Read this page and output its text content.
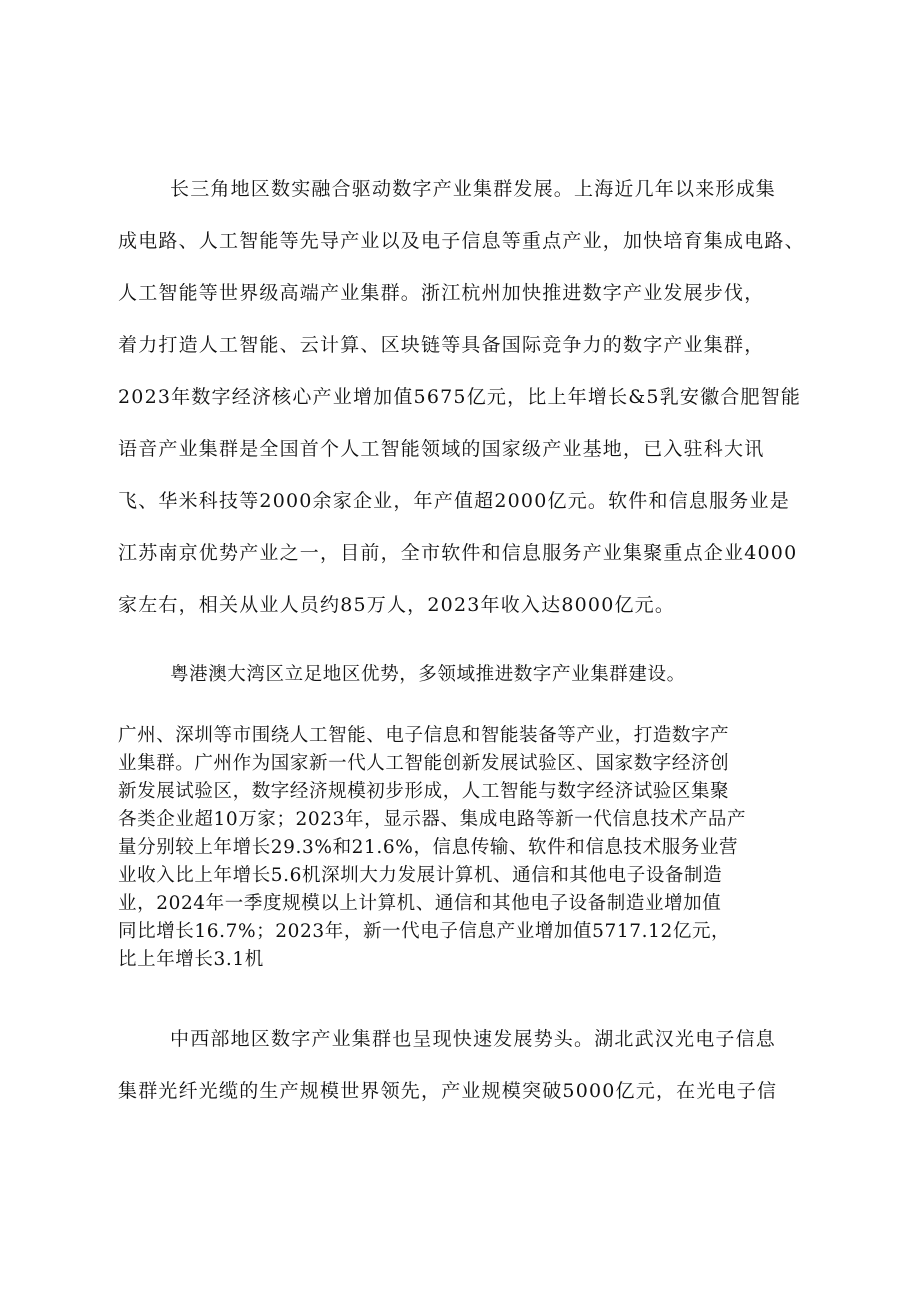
长三角地区数实融合驱动数字产业集群发展。上海近几年以来形成集
成电路、人工智能等先导产业以及电子信息等重点产业，加快培育集成电路、
人工智能等世界级高端产业集群。浙江杭州加快推进数字产业发展步伐，
着力打造人工智能、云计算、区块链等具备国际竞争力的数字产业集群，
2023年数字经济核心产业增加值5675亿元，比上年增长&5乳安徽合肥智能
语音产业集群是全国首个人工智能领域的国家级产业基地，已入驻科大讯
飞、华米科技等2000余家企业，年产值超2000亿元。软件和信息服务业是
江苏南京优势产业之一，目前，全市软件和信息服务产业集聚重点企业4000
家左右，相关从业人员约85万人，2023年收入达8000亿元。
粤港澳大湾区立足地区优势，多领域推进数字产业集群建设。
广州、深圳等市围绕人工智能、电子信息和智能装备等产业，打造数字产
业集群。广州作为国家新一代人工智能创新发展试验区、国家数字经济创
新发展试验区，数字经济规模初步形成，人工智能与数字经济试验区集聚
各类企业超10万家；2023年，显示器、集成电路等新一代信息技术产品产
量分别较上年增长29.3%和21.6%，信息传输、软件和信息技术服务业营
业收入比上年增长5.6机深圳大力发展计算机、通信和其他电子设备制造
业，2024年一季度规模以上计算机、通信和其他电子设备制造业增加值
同比增长16.7%；2023年，新一代电子信息产业增加值5717.12亿元，
比上年增长3.1机
中西部地区数字产业集群也呈现快速发展势头。湖北武汉光电子信息
集群光纤光缆的生产规模世界领先，产业规模突破5000亿元，在光电子信
